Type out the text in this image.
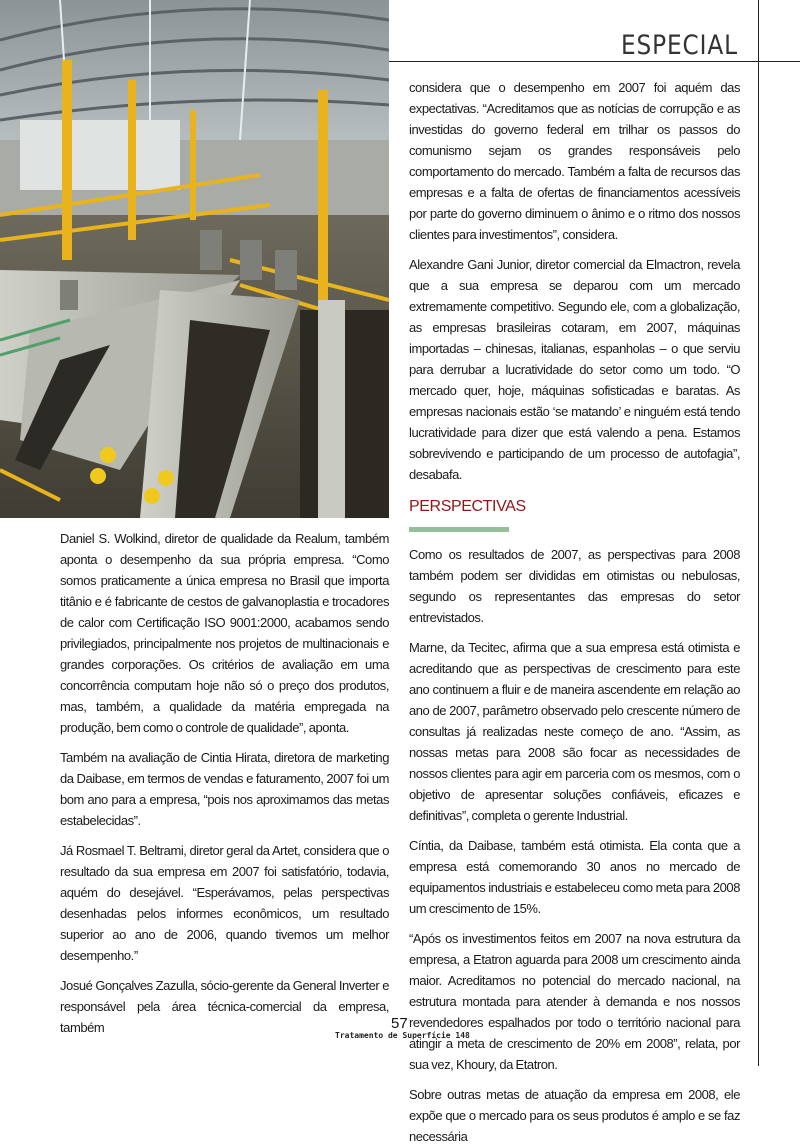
ESPECIAL

Daniel S. Wolkind, diretor de qualidade da Realum, também aponta o desempenho da sua própria empresa. “Como somos praticamente a única empresa no Brasil que importa titânio e é fabricante de cestos de galvanoplastia e trocadores de calor com Certificação ISO 9001:2000, acabamos sendo privilegiados, principalmente nos projetos de multinacionais e grandes corporações. Os critérios de avaliação em uma concorrência computam hoje não só o preço dos produtos, mas, também, a qualidade da matéria empregada na produção, bem como o controle de qualidade”, aponta.

Também na avaliação de Cintia Hirata, diretora de marketing da Daibase, em termos de vendas e faturamento, 2007 foi um bom ano para a empresa, “pois nos aproximamos das metas estabelecidas”.

Já Rosmael T. Beltrami, diretor geral da Artet, considera que o resultado da sua empresa em 2007 foi satisfatório, todavia, aquém do desejável. “Esperávamos, pelas perspectivas desenhadas pelos informes econômicos, um resultado superior ao ano de 2006, quando tivemos um melhor desempenho.”

Josué Gonçalves Zazulla, sócio-gerente da General Inverter e responsável pela área técnica-comercial da empresa, também

considera que o desempenho em 2007 foi aquém das expectativas. “Acreditamos que as notícias de corrupção e as investidas do governo federal em trilhar os passos do comunismo sejam os grandes responsáveis pelo comportamento do mercado. Também a falta de recursos das empresas e a falta de ofertas de financiamentos acessíveis por parte do governo diminuem o ânimo e o ritmo dos nossos clientes para investimentos”, considera.

Alexandre Gani Junior, diretor comercial da Elmactron, revela que a sua empresa se deparou com um mercado extremamente competitivo. Segundo ele, com a globalização, as empresas brasileiras cotaram, em 2007, máquinas importadas – chinesas, italianas, espanholas – o que serviu para derrubar a lucratividade do setor como um todo. “O mercado quer, hoje, máquinas sofisticadas e baratas. As empresas nacionais estão ‘se matando’ e ninguém está tendo lucratividade para dizer que está valendo a pena. Estamos sobrevivendo e participando de um processo de autofagia”, desabafa.

PERSPECTIVAS

Como os resultados de 2007, as perspectivas para 2008 também podem ser divididas em otimistas ou nebulosas, segundo os representantes das empresas do setor entrevistados.

Marne, da Tecitec, afirma que a sua empresa está otimista e acreditando que as perspectivas de crescimento para este ano continuem a fluir e de maneira ascendente em relação ao ano de 2007, parâmetro observado pelo crescente número de consultas já realizadas neste começo de ano. “Assim, as nossas metas para 2008 são focar as necessidades de nossos clientes para agir em parceria com os mesmos, com o objetivo de apresentar soluções confiáveis, eficazes e definitivas”, completa o gerente Industrial.

Cíntia, da Daibase, também está otimista. Ela conta que a empresa está comemorando 30 anos no mercado de equipamentos industriais e estabeleceu como meta para 2008 um crescimento de 15%.

“Após os investimentos feitos em 2007 na nova estrutura da empresa, a Etatron aguarda para 2008 um crescimento ainda maior. Acreditamos no potencial do mercado nacional, na estrutura montada para atender à demanda e nos nossos revendedores espalhados por todo o território nacional para atingir a meta de crescimento de 20% em 2008”, relata, por sua vez, Khoury, da Etatron.

Sobre outras metas de atuação da empresa em 2008, ele expõe que o mercado para os seus produtos é amplo e se faz necessária

57
Tratamento de Superfície 148
